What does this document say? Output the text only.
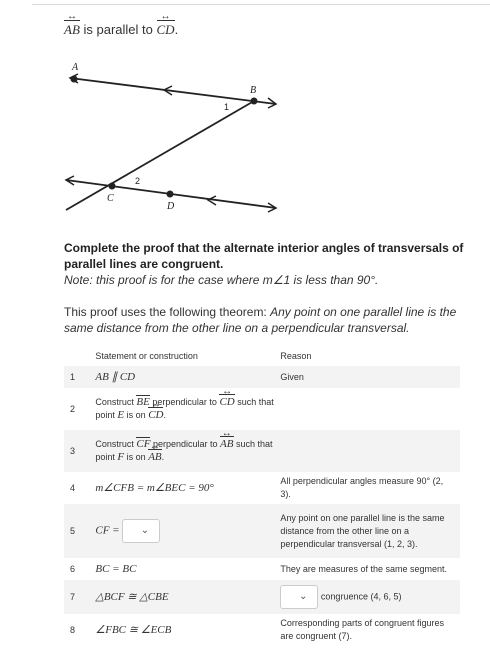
AB ↔ is parallel to CD ↔.
A
B
C
D
1
2
Complete the proof that the alternate interior angles of transversals of parallel lines are congruent.
Note: this proof is for the case where m∠1 is less than 90°.
This proof uses the following theorem: Any point on one parallel line is the same distance from the other line on a perpendicular transversal.
	Statement or construction	Reason
1	AB ∥ CD	Given
2	Construct BE perpendicular to CD ↔ such that point E is on CD ↔.	
3	Construct CF perpendicular to AB ↔ such that point F is on AB ↔.	
4	m∠CFB = m∠BEC = 90°	All perpendicular angles measure 90° (2, 3).
5	CF = ⌄	Any point on one parallel line is the same distance from the other line on a perpendicular transversal (1, 2, 3).
6	BC = BC	They are measures of the same segment.
7	△BCF ≅ △CBE	⌄ congruence (4, 6, 5)
8	∠FBC ≅ ∠ECB	Corresponding parts of congruent figures are congruent (7).
